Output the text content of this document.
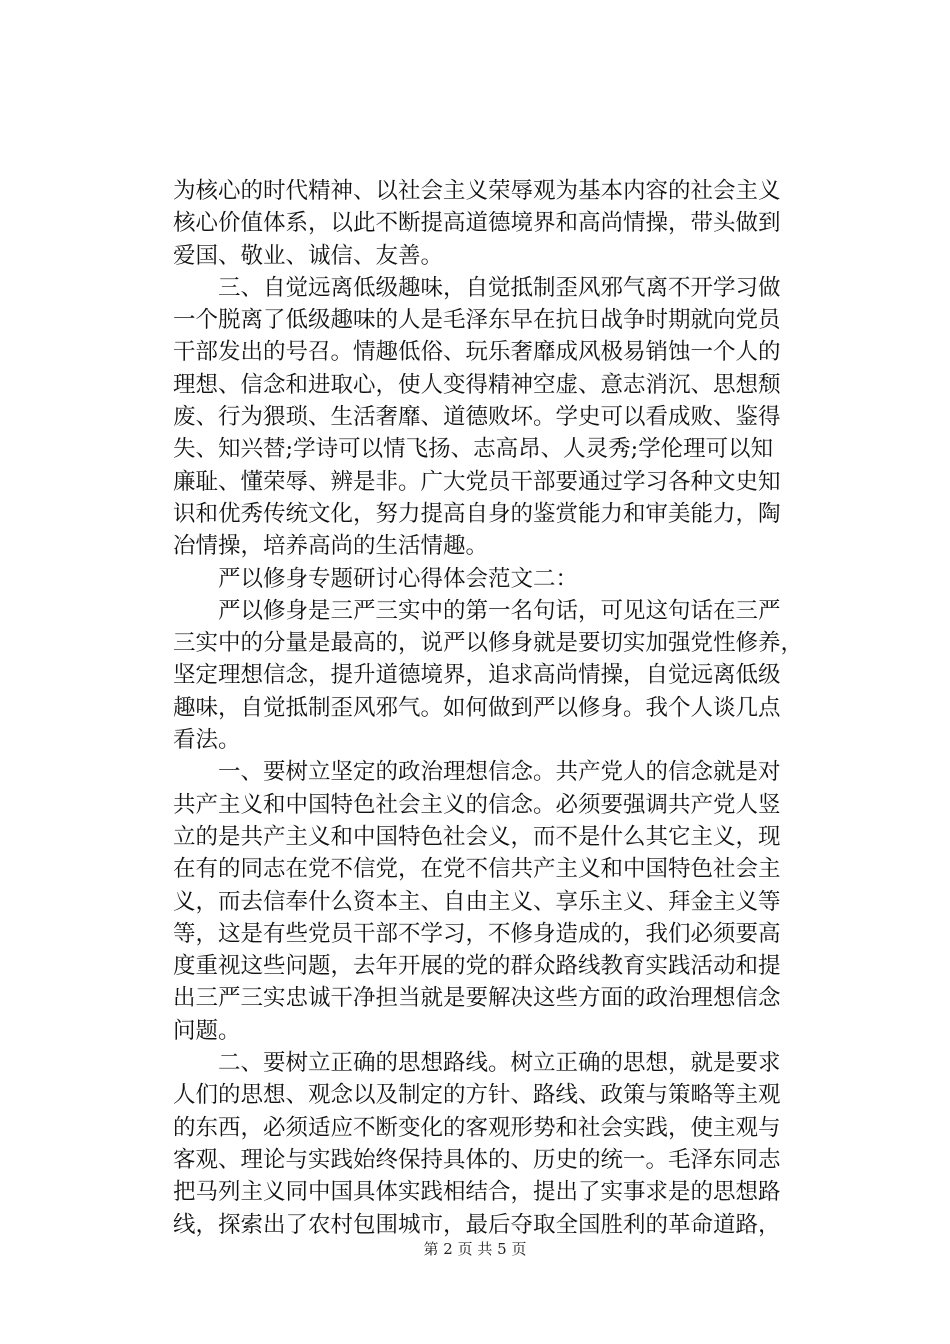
为核心的时代精神、以社会主义荣辱观为基本内容的社会主义
核心价值体系，以此不断提高道德境界和高尚情操，带头做到
爱国、敬业、诚信、友善。
　　三、自觉远离低级趣味，自觉抵制歪风邪气离不开学习做
一个脱离了低级趣味的人是毛泽东早在抗日战争时期就向党员
干部发出的号召。情趣低俗、玩乐奢靡成风极易销蚀一个人的
理想、信念和进取心，使人变得精神空虚、意志消沉、思想颓
废、行为猥琐、生活奢靡、道德败坏。学史可以看成败、鉴得
失、知兴替;学诗可以情飞扬、志高昂、人灵秀;学伦理可以知
廉耻、懂荣辱、辨是非。广大党员干部要通过学习各种文史知
识和优秀传统文化，努力提高自身的鉴赏能力和审美能力，陶
冶情操，培养高尚的生活情趣。
　　严以修身专题研讨心得体会范文二：
　　严以修身是三严三实中的第一名句话，可见这句话在三严
三实中的分量是最高的，说严以修身就是要切实加强党性修养，
坚定理想信念，提升道德境界，追求高尚情操，自觉远离低级
趣味，自觉抵制歪风邪气。如何做到严以修身。我个人谈几点
看法。
　　一、要树立坚定的政治理想信念。共产党人的信念就是对
共产主义和中国特色社会主义的信念。必须要强调共产党人竖
立的是共产主义和中国特色社会义，而不是什么其它主义，现
在有的同志在党不信党，在党不信共产主义和中国特色社会主
义，而去信奉什么资本主、自由主义、享乐主义、拜金主义等
等，这是有些党员干部不学习，不修身造成的，我们必须要高
度重视这些问题，去年开展的党的群众路线教育实践活动和提
出三严三实忠诚干净担当就是要解决这些方面的政治理想信念
问题。
　　二、要树立正确的思想路线。树立正确的思想，就是要求
人们的思想、观念以及制定的方针、路线、政策与策略等主观
的东西，必须适应不断变化的客观形势和社会实践，使主观与
客观、理论与实践始终保持具体的、历史的统一。毛泽东同志
把马列主义同中国具体实践相结合，提出了实事求是的思想路
线，探索出了农村包围城市，最后夺取全国胜利的革命道路，
第 2 页 共 5 页
